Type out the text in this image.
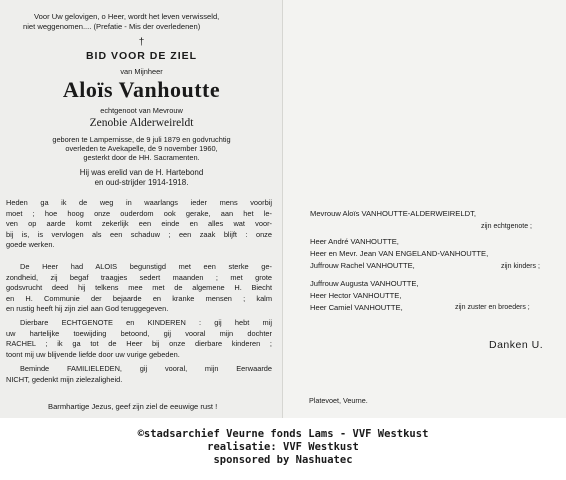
Voor Uw gelovigen, o Heer, wordt het leven verwisseld,
niet weggenomen.... (Prefatie - Mis der overledenen)
†
BID VOOR DE ZIEL
van Mijnheer
Aloïs Vanhoutte
echtgenoot van Mevrouw
Zenobie Alderweireldt
geboren te Lampernisse, de 9 juli 1879 en godvruchtig
overleden te Avekapelle, de 9 november 1960,
gesterkt door de HH. Sacramenten.
Hij was erelid van de H. Hartebond
en oud-strijder 1914-1918.
Heden ga ik de weg in waarlangs ieder mens voorbij
moet ; hoe hoog onze ouderdom ook gerake, aan het le-
ven op aarde komt zekerlijk een einde en alles wat voor-
bij is, is vervlogen als een schaduw ; een zaak blijft : onze
goede werken.
De Heer had ALOIS begunstigd met een sterke ge-
zondheid, zij begaf traagjes sedert maanden ; met grote
godsvrucht deed hij telkens mee met de algemene H. Biecht
en H. Communie der bejaarde en kranke mensen ; kalm
en rustig heeft hij zijn ziel aan God teruggegeven.
Dierbare ECHTGENOTE en KINDEREN : gij hebt mij
uw hartelijke toewijding betoond, gij vooral mijn dochter
RACHEL ; ik ga tot de Heer bij onze dierbare kinderen ;
toont mij uw blijvende liefde door uw vurige gebeden.
Beminde FAMILIELEDEN, gij vooral, mijn Eerwaarde
NICHT, gedenkt mijn zielezaligheid.
Barmhartige Jezus, geef zijn ziel de eeuwige rust !
Mevrouw Aloïs VANHOUTTE-ALDERWEIRELDT,
zijn echtgenote ;
Heer André VANHOUTTE,
Heer en Mevr. Jean VAN ENGELAND-VANHOUTTE,
Juffrouw Rachel VANHOUTTE,	zijn kinders ;
Juffrouw Augusta VANHOUTTE,
Heer Hector VANHOUTTE,
Heer Camiel VANHOUTTE,	zijn zuster en broeders ;
Platevoet, Veurne.
Danken U.
©stadsarchief Veurne fonds Lams - VVF Westkust
realisatie: VVF Westkust
sponsored by Nashuatec
